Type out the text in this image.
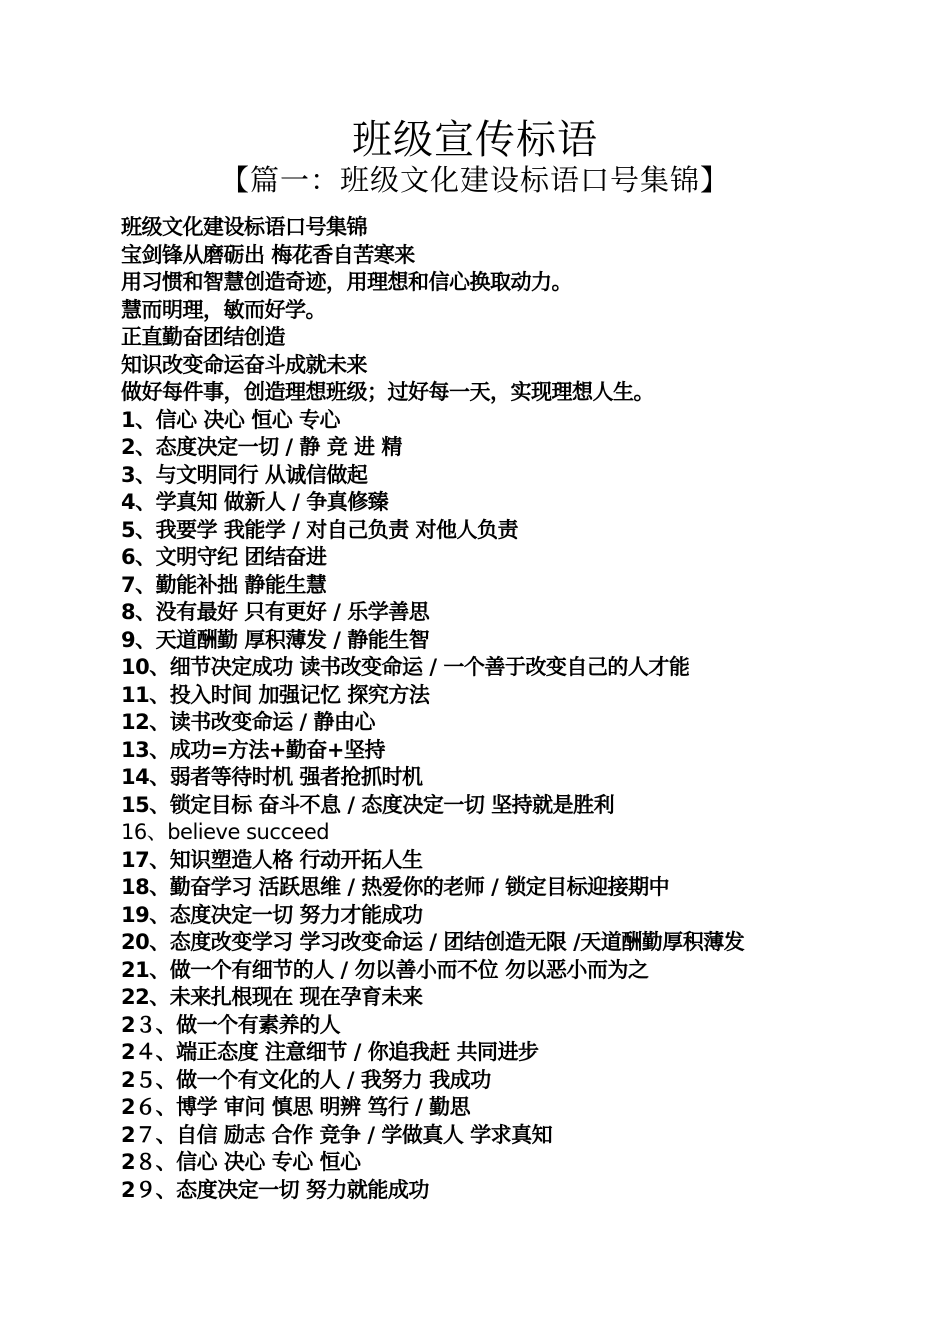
班级宣传标语
【篇一：班级文化建设标语口号集锦】
班级文化建设标语口号集锦
宝剑锋从磨砺出 梅花香自苦寒来
用习惯和智慧创造奇迹，用理想和信心换取动力。
慧而明理，敏而好学。
正直勤奋团结创造
知识改变命运奋斗成就未来
做好每件事，创造理想班级；过好每一天，实现理想人生。
1、信心 决心 恒心 专心
2、态度决定一切 / 静 竞 进 精
3、与文明同行 从诚信做起
4、学真知 做新人 / 争真修臻
5、我要学 我能学 / 对自己负责 对他人负责
6、文明守纪 团结奋进
7、勤能补拙 静能生慧
8、没有最好 只有更好 / 乐学善思
9、天道酬勤 厚积薄发 / 静能生智
10、细节决定成功 读书改变命运 / 一个善于改变自己的人才能
11、投入时间 加强记忆 探究方法
12、读书改变命运 / 静由心
13、成功=方法+勤奋+坚持
14、弱者等待时机 强者抢抓时机
15、锁定目标 奋斗不息 / 态度决定一切 坚持就是胜利
16、believe succeed
17、知识塑造人格 行动开拓人生
18、勤奋学习 活跃思维 / 热爱你的老师 / 锁定目标迎接期中
19、态度决定一切 努力才能成功
20、态度改变学习 学习改变命运 / 团结创造无限 /天道酬勤厚积薄发
21、做一个有细节的人 / 勿以善小而不位 勿以恶小而为之
22、未来扎根现在 现在孕育未来
2３、做一个有素养的人
2４、端正态度 注意细节 / 你追我赶 共同进步
2５、做一个有文化的人 / 我努力 我成功
2６、博学 审问 慎思 明辨 笃行 / 勤思
2７、自信 励志 合作 竞争 / 学做真人 学求真知
2８、信心 决心 专心 恒心
2９、态度决定一切 努力就能成功
